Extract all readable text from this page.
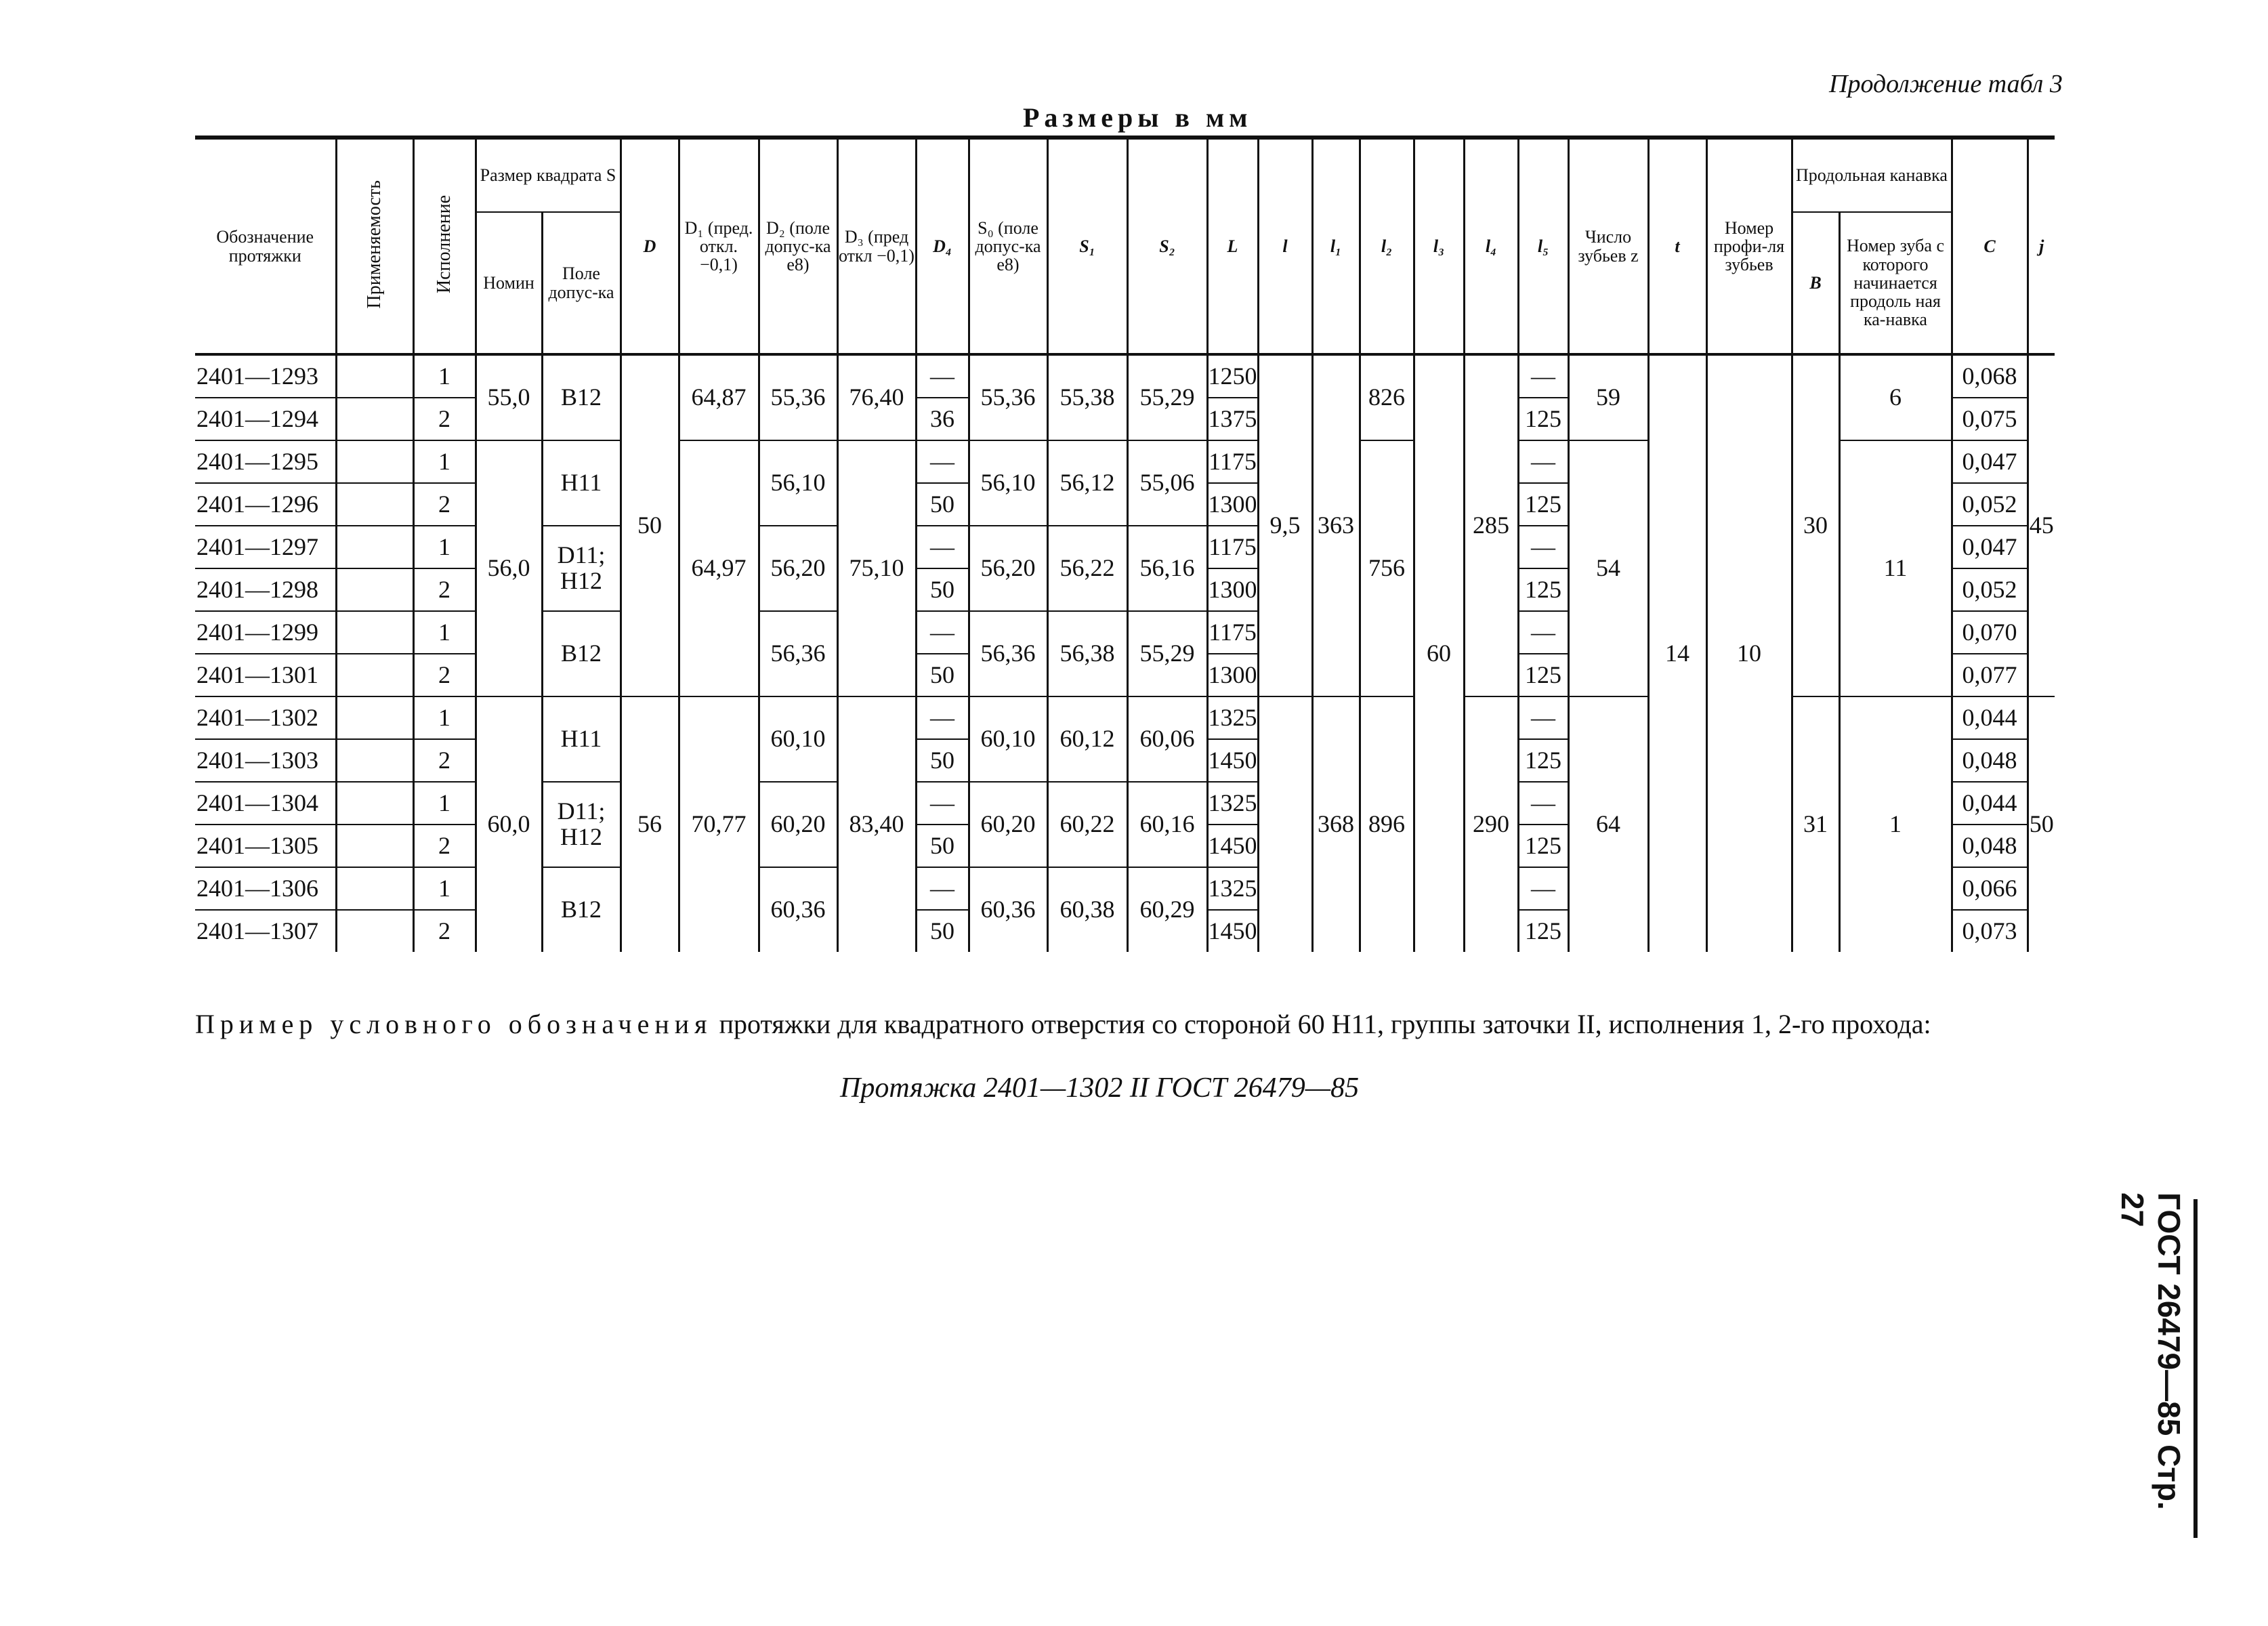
Продолжение табл 3
Размеры в мм
Обозначение протяжки	Применяемость	Исполнение	Размер квадрата S		D	D₁ (пред. откл. −0,1)	D₂ (поле допус-ка е8)	D₃ (пред откл −0,1)	D₄	S₀ (поле допус-ка е8)	S₁	S₂	L	l	l₁	l₂	l₃	l₄	l₅	Число зубьев z	t	Номер профи-ля зубьев	Продольная канавка		C	j
			Номин	Поле допус-ка																			B	Номер зуба с которого начинается продоль ная ка-навка		
2401—1293		1	55,0	B12	50	64,87	55,36	76,40	—	55,36	55,38	55,29	1250	9,5	363	826	60	285	—	59	14	10	30	6	0,068	45
2401—1294		2							36				1375						125						0,075	
2401—1295		1	56,0	H11		64,97	56,10	75,10	—	56,10	56,12	55,06	1175			756			—	54				11	0,047	
2401—1296		2							50				1300						125						0,052	
2401—1297		1		D11; H12			56,20		—	56,20	56,22	56,16	1175						—						0,047	
2401—1298		2							50				1300						125						0,052	
2401—1299		1		B12			56,36		—	56,36	56,38	55,29	1175						—						0,070	
2401—1301		2							50				1300						125						0,077	
2401—1302		1	60,0	H11	56	70,77	60,10	83,40	—	60,10	60,12	60,06	1325		368	896		290	—	64			31	1	0,044	50
2401—1303		2							50				1450						125						0,048	
2401—1304		1		D11; H12			60,20		—	60,20	60,22	60,16	1325						—						0,044	
2401—1305		2							50				1450						125						0,048	
2401—1306		1		B12			60,36		—	60,36	60,38	60,29	1325						—						0,066	
2401—1307		2							50				1450						125						0,073	
Пример условного обозначения протяжки для квадратного отверстия со стороной 60 H11, группы заточки II, исполнения 1, 2-го прохода:
Протяжка 2401—1302 II ГОСТ 26479—85
ГОСТ 26479—85 Стр. 27
